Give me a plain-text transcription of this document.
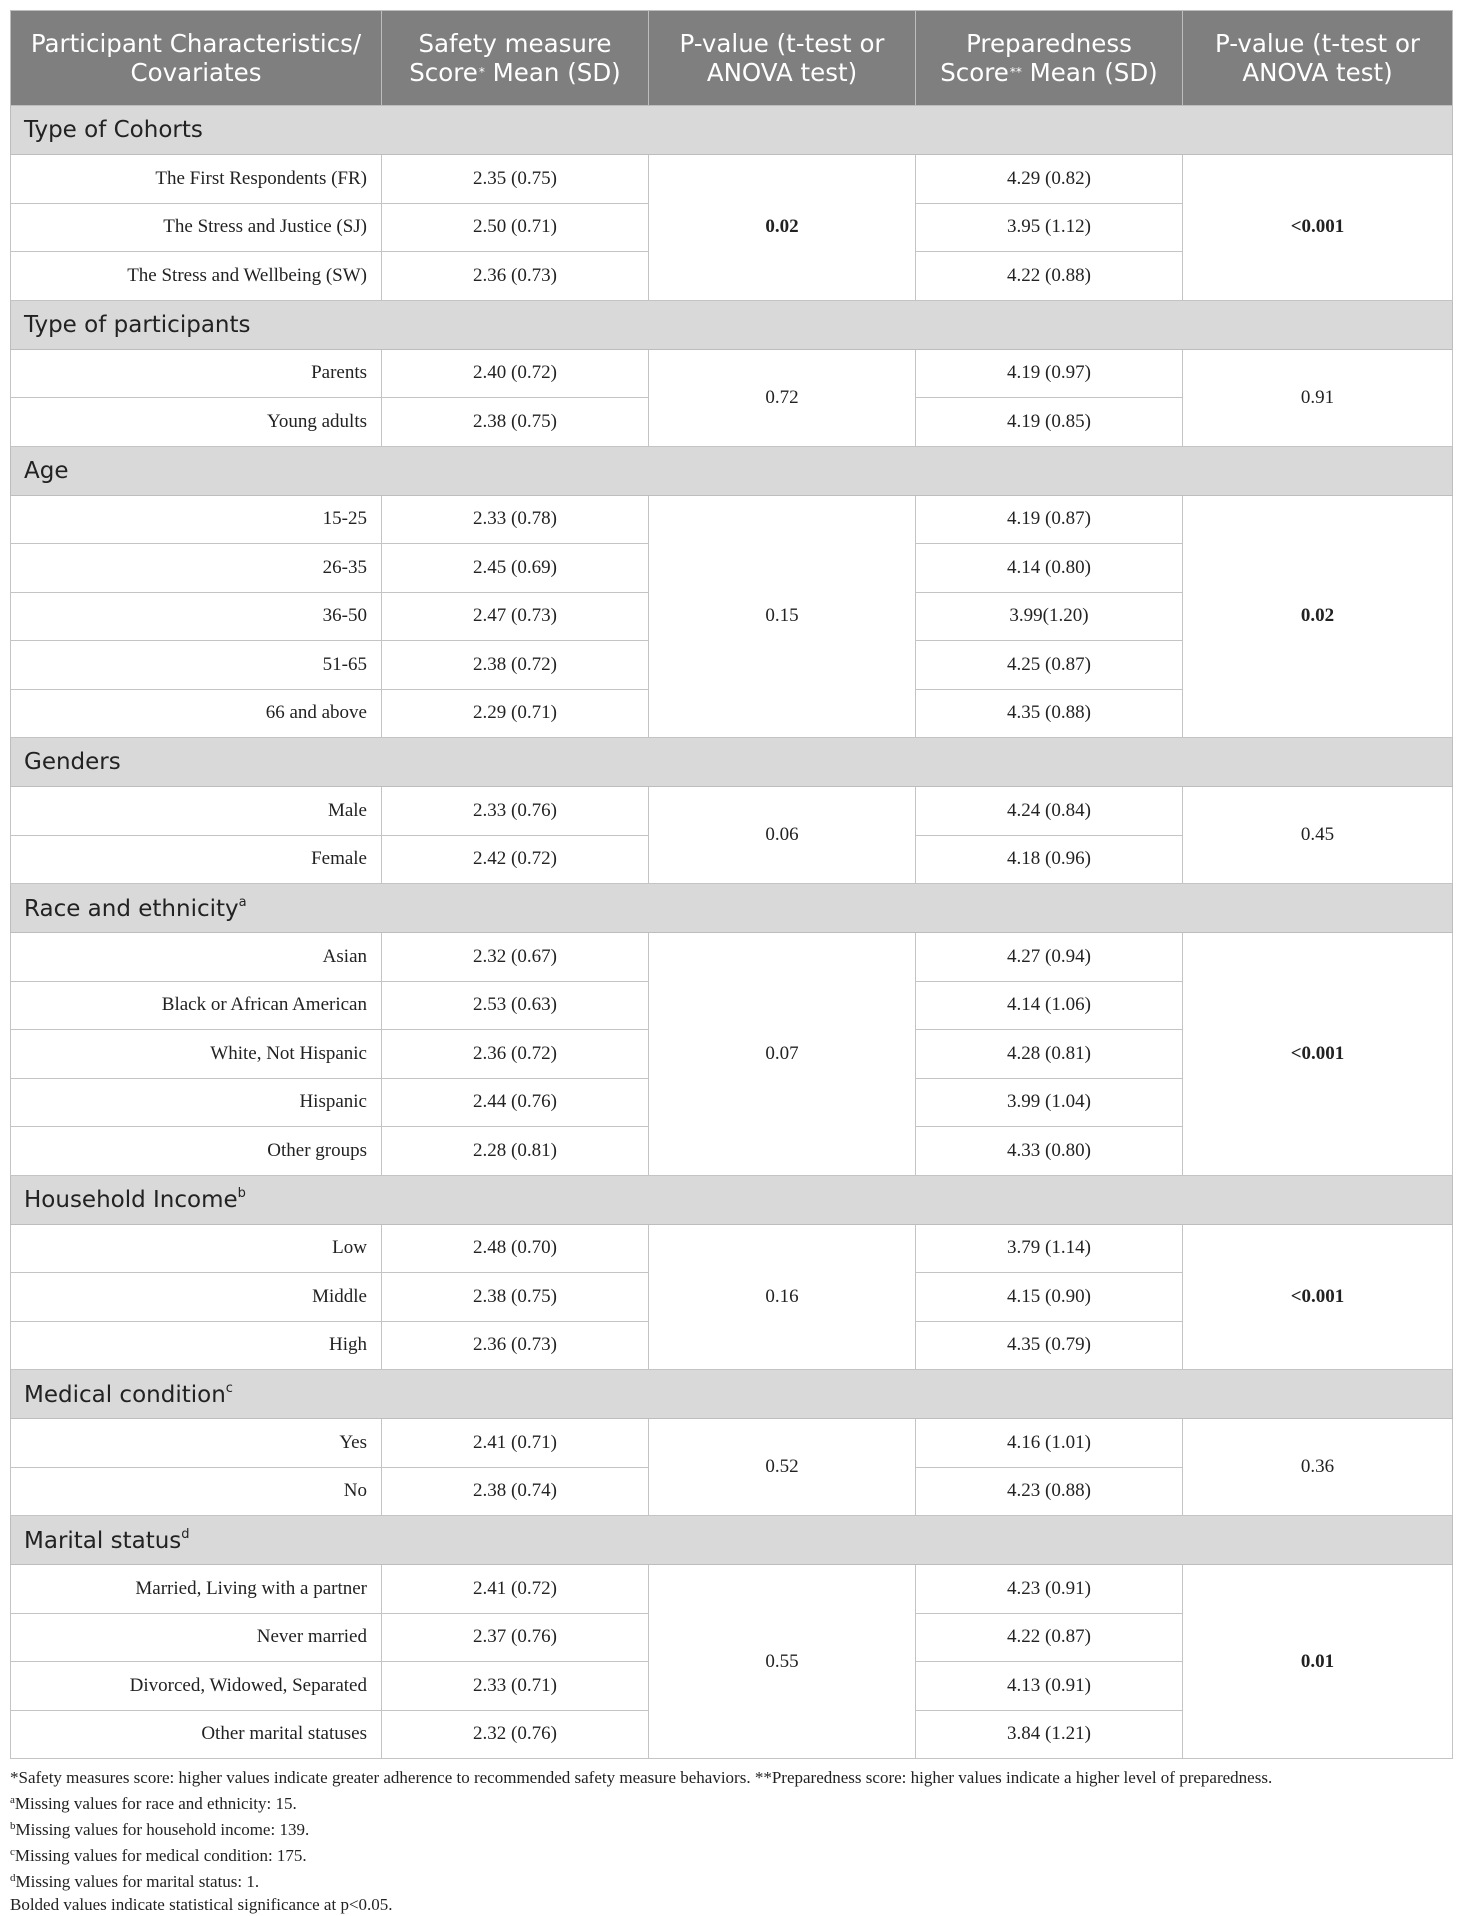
Participant Characteristics/ Covariates	Safety measure Score* Mean (SD)	P-value (t-test or ANOVA test)	Preparedness Score** Mean (SD)	P-value (t-test or ANOVA test)
Type of Cohorts				
The First Respondents (FR)	2.35 (0.75)	0.02	4.29 (0.82)	<0.001
The Stress and Justice (SJ)	2.50 (0.71)		3.95 (1.12)	
The Stress and Wellbeing (SW)	2.36 (0.73)		4.22 (0.88)	
Type of participants				
Parents	2.40 (0.72)	0.72	4.19 (0.97)	0.91
Young adults	2.38 (0.75)		4.19 (0.85)	
Age				
15-25	2.33 (0.78)	0.15	4.19 (0.87)	0.02
26-35	2.45 (0.69)		4.14 (0.80)	
36-50	2.47 (0.73)		3.99(1.20)	
51-65	2.38 (0.72)		4.25 (0.87)	
66 and above	2.29 (0.71)		4.35 (0.88)	
Genders				
Male	2.33 (0.76)	0.06	4.24 (0.84)	0.45
Female	2.42 (0.72)		4.18 (0.96)	
Race and ethnicity$^a$
Asian	2.32 (0.67)	0.07	4.27 (0.94)	<0.001
Black or African American	2.53 (0.63)		4.14 (1.06)	
White, Not Hispanic	2.36 (0.72)		4.28 (0.81)	
Hispanic	2.44 (0.76)		3.99 (1.04)	
Other groups	2.28 (0.81)		4.33 (0.80)	
Household Income$^b$
Low	2.48 (0.70)	0.16	3.79 (1.14)	<0.001
Middle	2.38 (0.75)		4.15 (0.90)	
High	2.36 (0.73)		4.35 (0.79)	
Medical condition$^c$
Yes	2.41 (0.71)	0.52	4.16 (1.01)	0.36
No	2.38 (0.74)		4.23 (0.88)	
Marital status$^d$
Married, Living with a partner	2.41 (0.72)	0.55	4.23 (0.91)	0.01
Never married	2.37 (0.76)		4.22 (0.87)	
Divorced, Widowed, Separated	2.33 (0.71)		4.13 (0.91)	
Other marital statuses	2.32 (0.76)		3.84 (1.21)	
*Safety measures score: higher values indicate greater adherence to recommended safety measure behaviors. **Preparedness score: higher values indicate a higher level of preparedness.
$^a$Missing values for race and ethnicity: 15.
$^b$Missing values for household income: 139.
$^c$Missing values for medical condition: 175.
$^d$Missing values for marital status: 1.
Bolded values indicate statistical significance at p<0.05.
